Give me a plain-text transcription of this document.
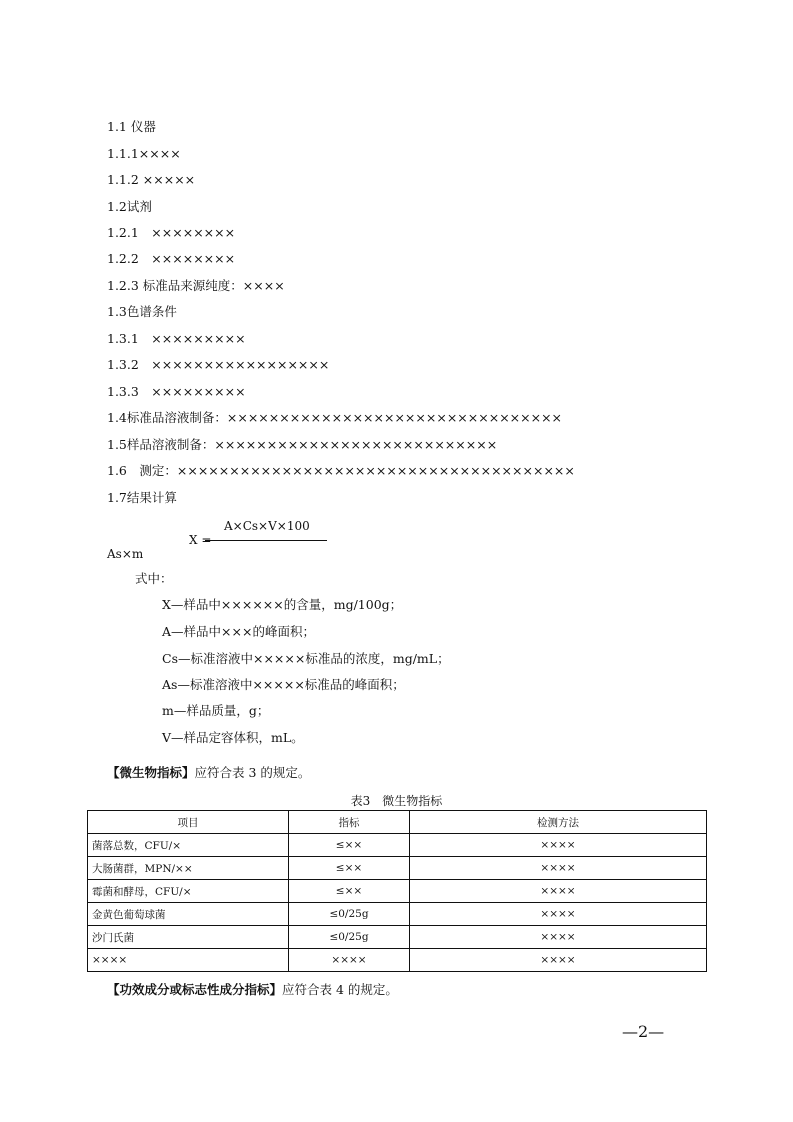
1.1 仪器
1.1.1××××
1.1.2 ×××××
1.2试剂
1.2.1　××××××××
1.2.2　××××××××
1.2.3 标准品来源纯度：××××
1.3色谱条件
1.3.1　×××××××××
1.3.2　×××××××××××××××××
1.3.3　×××××××××
1.4标准品溶液制备：××××××××××××××××××××××××××××××××
1.5样品溶液制备：×××××××××××××××××××××××××××
1.6　测定：××××××××××××××××××××××××××××××××××××××
1.7结果计算
A×Cs×V×100
X =
As×m
式中：
X—样品中××××××的含量，mg/100g；
A—样品中×××的峰面积；
Cs—标准溶液中×××××标准品的浓度，mg/mL；
As—标准溶液中×××××标准品的峰面积；
m—样品质量，g；
V—样品定容体积，mL。
【微生物指标】应符合表 3 的规定。
表3　微生物指标
项目	指标	检测方法
菌落总数，CFU/×	≤××	××××
大肠菌群，MPN/××	≤××	××××
霉菌和酵母，CFU/×	≤××	××××
金黄色葡萄球菌	≤0/25g	××××
沙门氏菌	≤0/25g	××××
××××	××××	××××
【功效成分或标志性成分指标】应符合表 4 的规定。
—2—
